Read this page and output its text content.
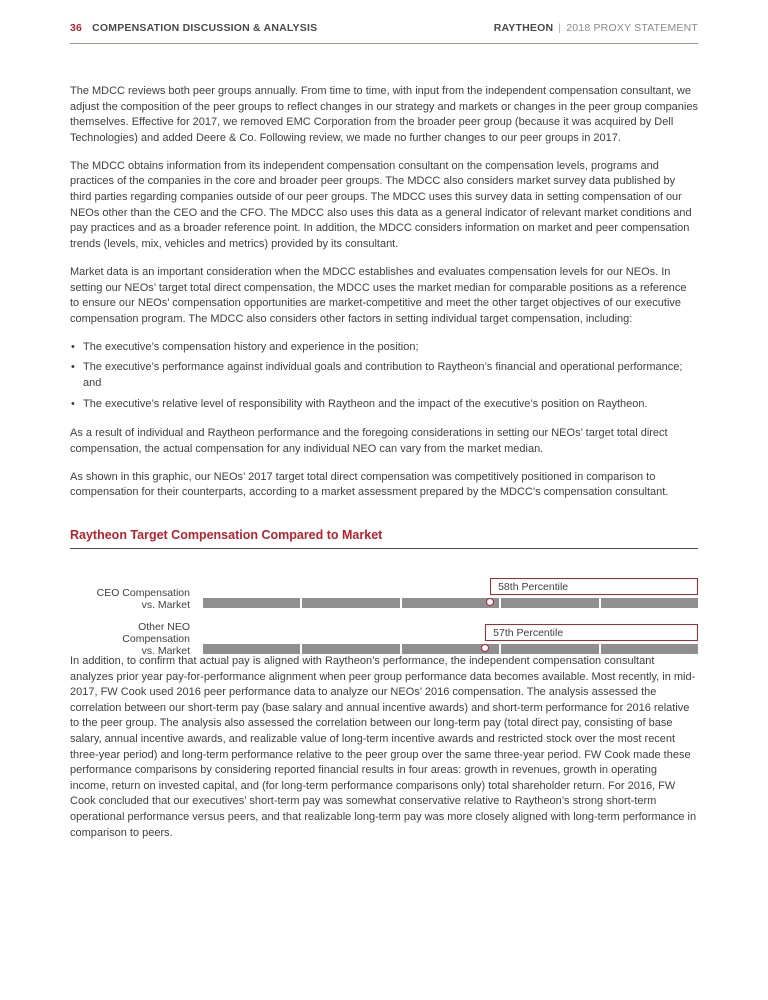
36 COMPENSATION DISCUSSION & ANALYSIS	RAYTHEON | 2018 PROXY STATEMENT

The MDCC reviews both peer groups annually. From time to time, with input from the independent compensation consultant, we adjust the composition of the peer groups to reflect changes in our strategy and markets or changes in the peer group companies themselves. Effective for 2017, we removed EMC Corporation from the broader peer group (because it was acquired by Dell Technologies) and added Deere & Co. Following review, we made no further changes to our peer groups in 2017.

The MDCC obtains information from its independent compensation consultant on the compensation levels, programs and practices of the companies in the core and broader peer groups. The MDCC also considers market survey data published by third parties regarding companies outside of our peer groups. The MDCC uses this survey data in setting compensation of our NEOs other than the CEO and the CFO. The MDCC also uses this data as a general indicator of relevant market conditions and pay practices and as a broader reference point. In addition, the MDCC considers information on market and peer compensation trends (levels, mix, vehicles and metrics) provided by its consultant.

Market data is an important consideration when the MDCC establishes and evaluates compensation levels for our NEOs. In setting our NEOs’ target total direct compensation, the MDCC uses the market median for comparable positions as a reference to ensure our NEOs’ compensation opportunities are market-competitive and meet the other target objectives of our executive compensation program. The MDCC also considers other factors in setting individual target compensation, including:

• The executive’s compensation history and experience in the position;
• The executive’s performance against individual goals and contribution to Raytheon’s financial and operational performance; and
• The executive’s relative level of responsibility with Raytheon and the impact of the executive’s position on Raytheon.

As a result of individual and Raytheon performance and the foregoing considerations in setting our NEOs’ target total direct compensation, the actual compensation for any individual NEO can vary from the market median.

As shown in this graphic, our NEOs’ 2017 target total direct compensation was competitively positioned in comparison to compensation for their counterparts, according to a market assessment prepared by the MDCC’s compensation consultant.

Raytheon Target Compensation Compared to Market
CEO Compensation
vs. Market
58th Percentile
Other NEO Compensation
vs. Market
57th Percentile

In addition, to confirm that actual pay is aligned with Raytheon’s performance, the independent compensation consultant analyzes prior year pay-for-performance alignment when peer group performance data becomes available. Most recently, in mid-2017, FW Cook used 2016 peer performance data to analyze our NEOs’ 2016 compensation. The analysis assessed the correlation between our short-term pay (base salary and annual incentive awards) and short-term performance for 2016 relative to the peer group. The analysis also assessed the correlation between our long-term pay (total direct pay, consisting of base salary, annual incentive awards, and realizable value of long-term incentive awards and restricted stock over the most recent three-year period) and long-term performance relative to the peer group over the same three-year period. FW Cook made these performance comparisons by considering reported financial results in four areas: growth in revenues, growth in operating income, return on invested capital, and (for long-term performance comparisons only) total shareholder return. For 2016, FW Cook concluded that our executives’ short-term pay was somewhat conservative relative to Raytheon’s strong short-term operational performance versus peers, and that realizable long-term pay was more closely aligned with long-term performance in comparison to peers.
